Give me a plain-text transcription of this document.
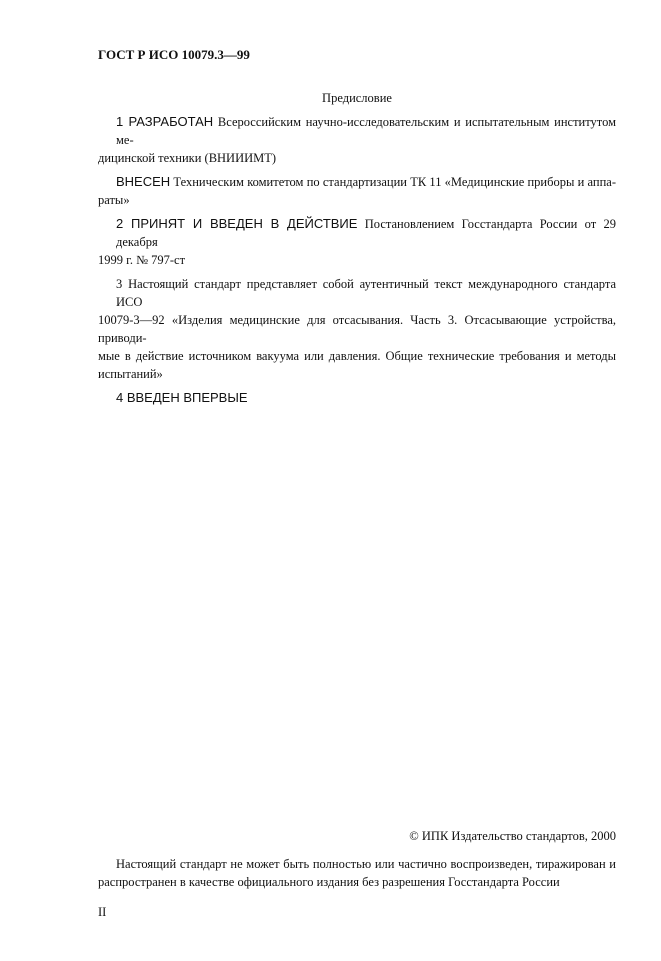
ГОСТ Р ИСО 10079.3—99
Предисловие
1 РАЗРАБОТАН Всероссийским научно-исследовательским и испытательным институтом ме-
дицинской техники (ВНИИИМТ)
ВНЕСЕН Техническим комитетом по стандартизации ТК 11 «Медицинские приборы и аппа-
раты»
2 ПРИНЯТ И ВВЕДЕН В ДЕЙСТВИЕ Постановлением Госстандарта России от 29 декабря
1999 г. № 797-ст
3 Настоящий стандарт представляет собой аутентичный текст международного стандарта ИСО
10079-3—92 «Изделия медицинские для отсасывания. Часть 3. Отсасывающие устройства, приводи-
мые в действие источником вакуума или давления. Общие технические требования и методы
испытаний»
4 ВВЕДЕН ВПЕРВЫЕ
© ИПК Издательство стандартов, 2000
Настоящий стандарт не может быть полностью или частично воспроизведен, тиражирован и
распространен в качестве официального издания без разрешения Госстандарта России
II
